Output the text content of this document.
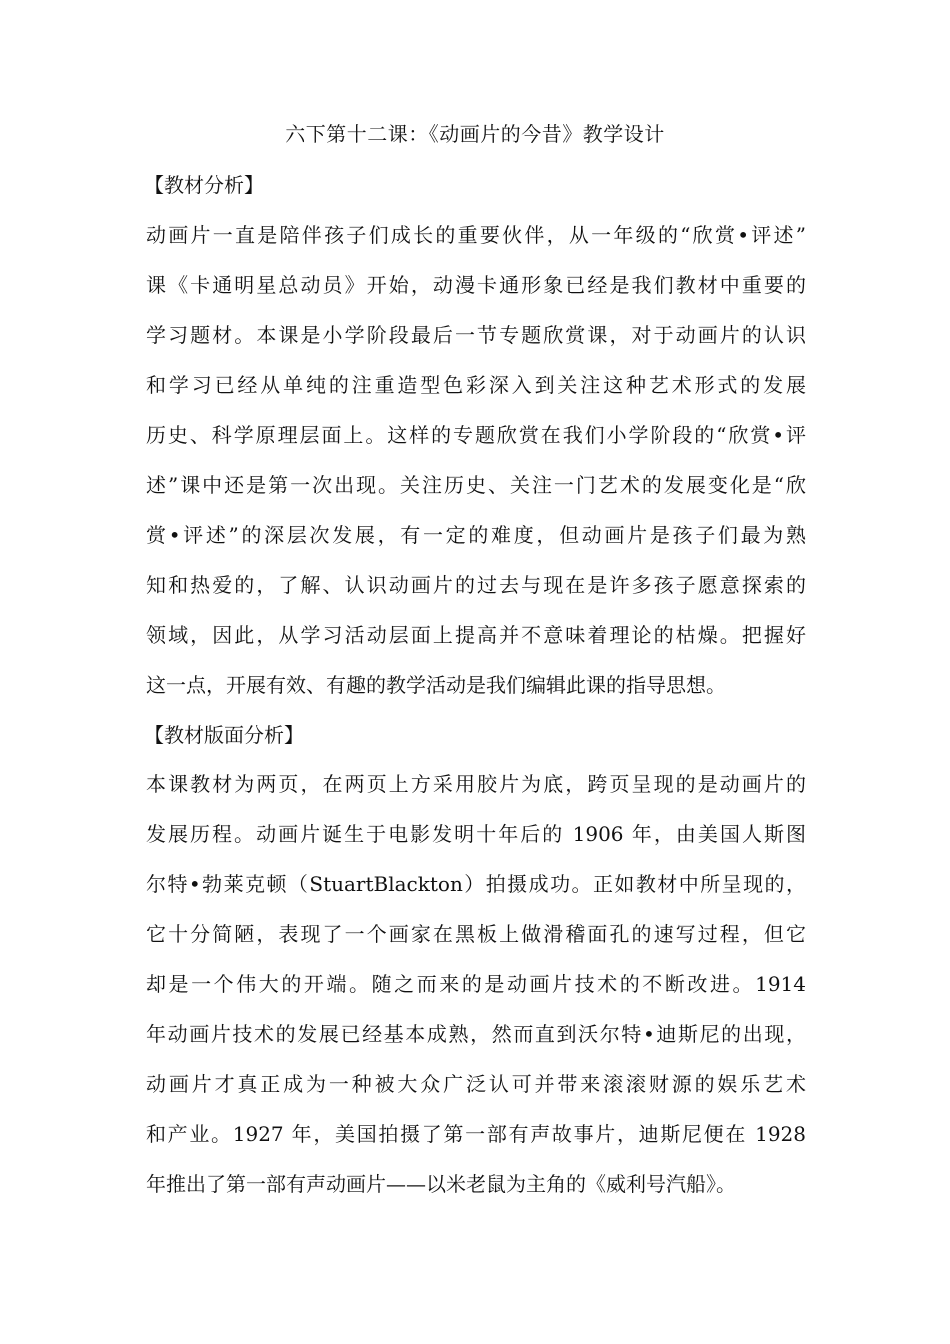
六下第十二课：《动画片的今昔》教学设计
【教材分析】
动画片一直是陪伴孩子们成长的重要伙伴，从一年级的“欣赏•评述”
课《卡通明星总动员》开始，动漫卡通形象已经是我们教材中重要的
学习题材。本课是小学阶段最后一节专题欣赏课，对于动画片的认识
和学习已经从单纯的注重造型色彩深入到关注这种艺术形式的发展
历史、科学原理层面上。这样的专题欣赏在我们小学阶段的“欣赏•评
述”课中还是第一次出现。关注历史、关注一门艺术的发展变化是“欣
赏•评述”的深层次发展，有一定的难度，但动画片是孩子们最为熟
知和热爱的，了解、认识动画片的过去与现在是许多孩子愿意探索的
领域，因此，从学习活动层面上提高并不意味着理论的枯燥。把握好
这一点，开展有效、有趣的教学活动是我们编辑此课的指导思想。
【教材版面分析】
本课教材为两页，在两页上方采用胶片为底，跨页呈现的是动画片的
发展历程。动画片诞生于电影发明十年后的 1906 年，由美国人斯图
尔特•勃莱克顿（StuartBlackton）拍摄成功。正如教材中所呈现的，
它十分简陋，表现了一个画家在黑板上做滑稽面孔的速写过程，但它
却是一个伟大的开端。随之而来的是动画片技术的不断改进。1914
年动画片技术的发展已经基本成熟，然而直到沃尔特•迪斯尼的出现，
动画片才真正成为一种被大众广泛认可并带来滚滚财源的娱乐艺术
和产业。1927 年，美国拍摄了第一部有声故事片，迪斯尼便在 1928
年推出了第一部有声动画片——以米老鼠为主角的《威利号汽船》。
